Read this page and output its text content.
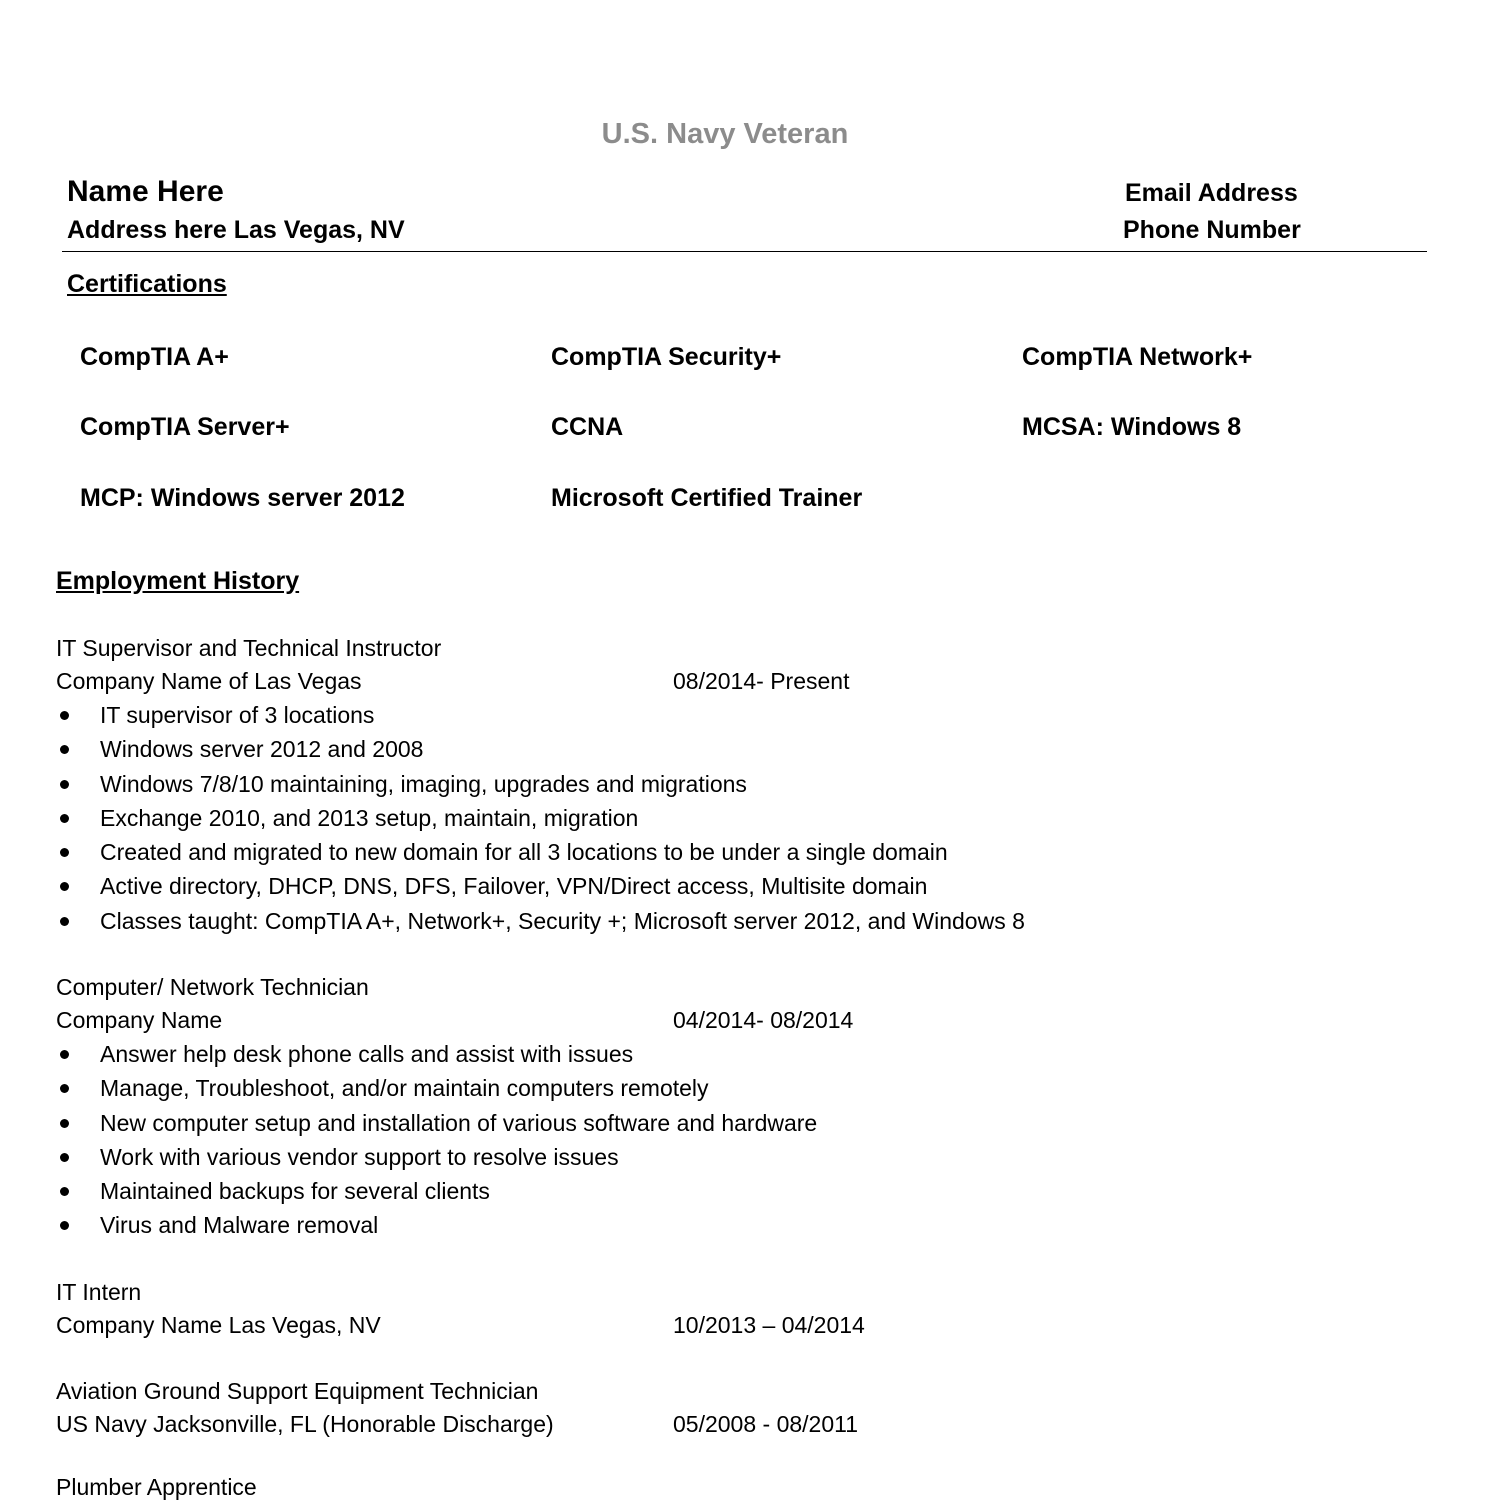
U.S. Navy Veteran
Name Here
Address here Las Vegas, NV
Email Address
Phone Number
Certifications
CompTIA A+	CompTIA Security+	CompTIA Network+
CompTIA Server+	CCNA	MCSA: Windows 8
MCP: Windows server 2012	Microsoft Certified Trainer
Employment History
IT Supervisor and Technical Instructor
Company Name of Las Vegas	08/2014- Present
IT supervisor of 3 locations
Windows server 2012 and 2008
Windows 7/8/10 maintaining, imaging, upgrades and migrations
Exchange 2010, and 2013 setup, maintain, migration
Created and migrated to new domain for all 3 locations to be under a single domain
Active directory, DHCP, DNS, DFS, Failover, VPN/Direct access, Multisite domain
Classes taught: CompTIA A+, Network+, Security +; Microsoft server 2012, and Windows 8
Computer/ Network Technician
Company Name	04/2014- 08/2014
Answer help desk phone calls and assist with issues
Manage, Troubleshoot, and/or maintain computers remotely
New computer setup and installation of various software and hardware
Work with various vendor support to resolve issues
Maintained backups for several clients
Virus and Malware removal
IT Intern
Company Name Las Vegas, NV	10/2013 – 04/2014
Aviation Ground Support Equipment Technician
US Navy Jacksonville, FL (Honorable Discharge)	05/2008 - 08/2011
Plumber Apprentice
